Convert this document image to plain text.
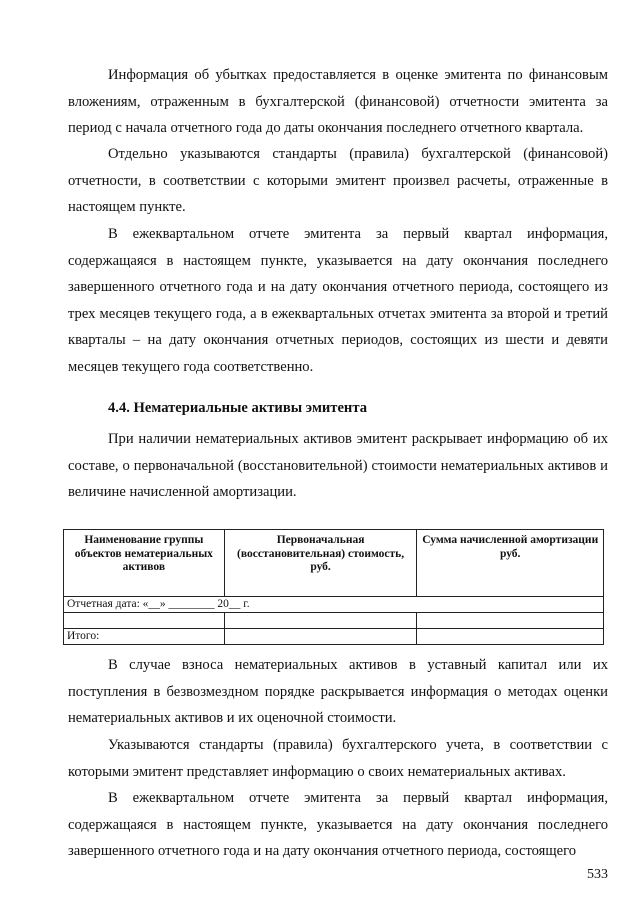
Информация об убытках предоставляется в оценке эмитента по финансовым вложениям, отраженным в бухгалтерской (финансовой) отчетности эмитента за период с начала отчетного года до даты окончания последнего отчетного квартала.

Отдельно указываются стандарты (правила) бухгалтерской (финансовой) отчетности, в соответствии с которыми эмитент произвел расчеты, отраженные в настоящем пункте.

В ежеквартальном отчете эмитента за первый квартал информация, содержащаяся в настоящем пункте, указывается на дату окончания последнего завершенного отчетного года и на дату окончания отчетного периода, состоящего из трех месяцев текущего года, а в ежеквартальных отчетах эмитента за второй и третий кварталы – на дату окончания отчетных периодов, состоящих из шести и девяти месяцев текущего года соответственно.

4.4. Нематериальные активы эмитента

При наличии нематериальных активов эмитент раскрывает информацию об их составе, о первоначальной (восстановительной) стоимости нематериальных активов и величине начисленной амортизации.

Наименование группы объектов нематериальных активов	Первоначальная (восстановительная) стоимость, руб.	Сумма начисленной амортизации руб.
Отчетная дата: «__» ________ 20__ г.		

Итого:		

В случае взноса нематериальных активов в уставный капитал или их поступления в безвозмездном порядке раскрывается информация о методах оценки нематериальных активов и их оценочной стоимости.

Указываются стандарты (правила) бухгалтерского учета, в соответствии с которыми эмитент представляет информацию о своих нематериальных активах.

В ежеквартальном отчете эмитента за первый квартал информация, содержащаяся в настоящем пункте, указывается на дату окончания последнего завершенного отчетного года и на дату окончания отчетного периода, состоящего

533
